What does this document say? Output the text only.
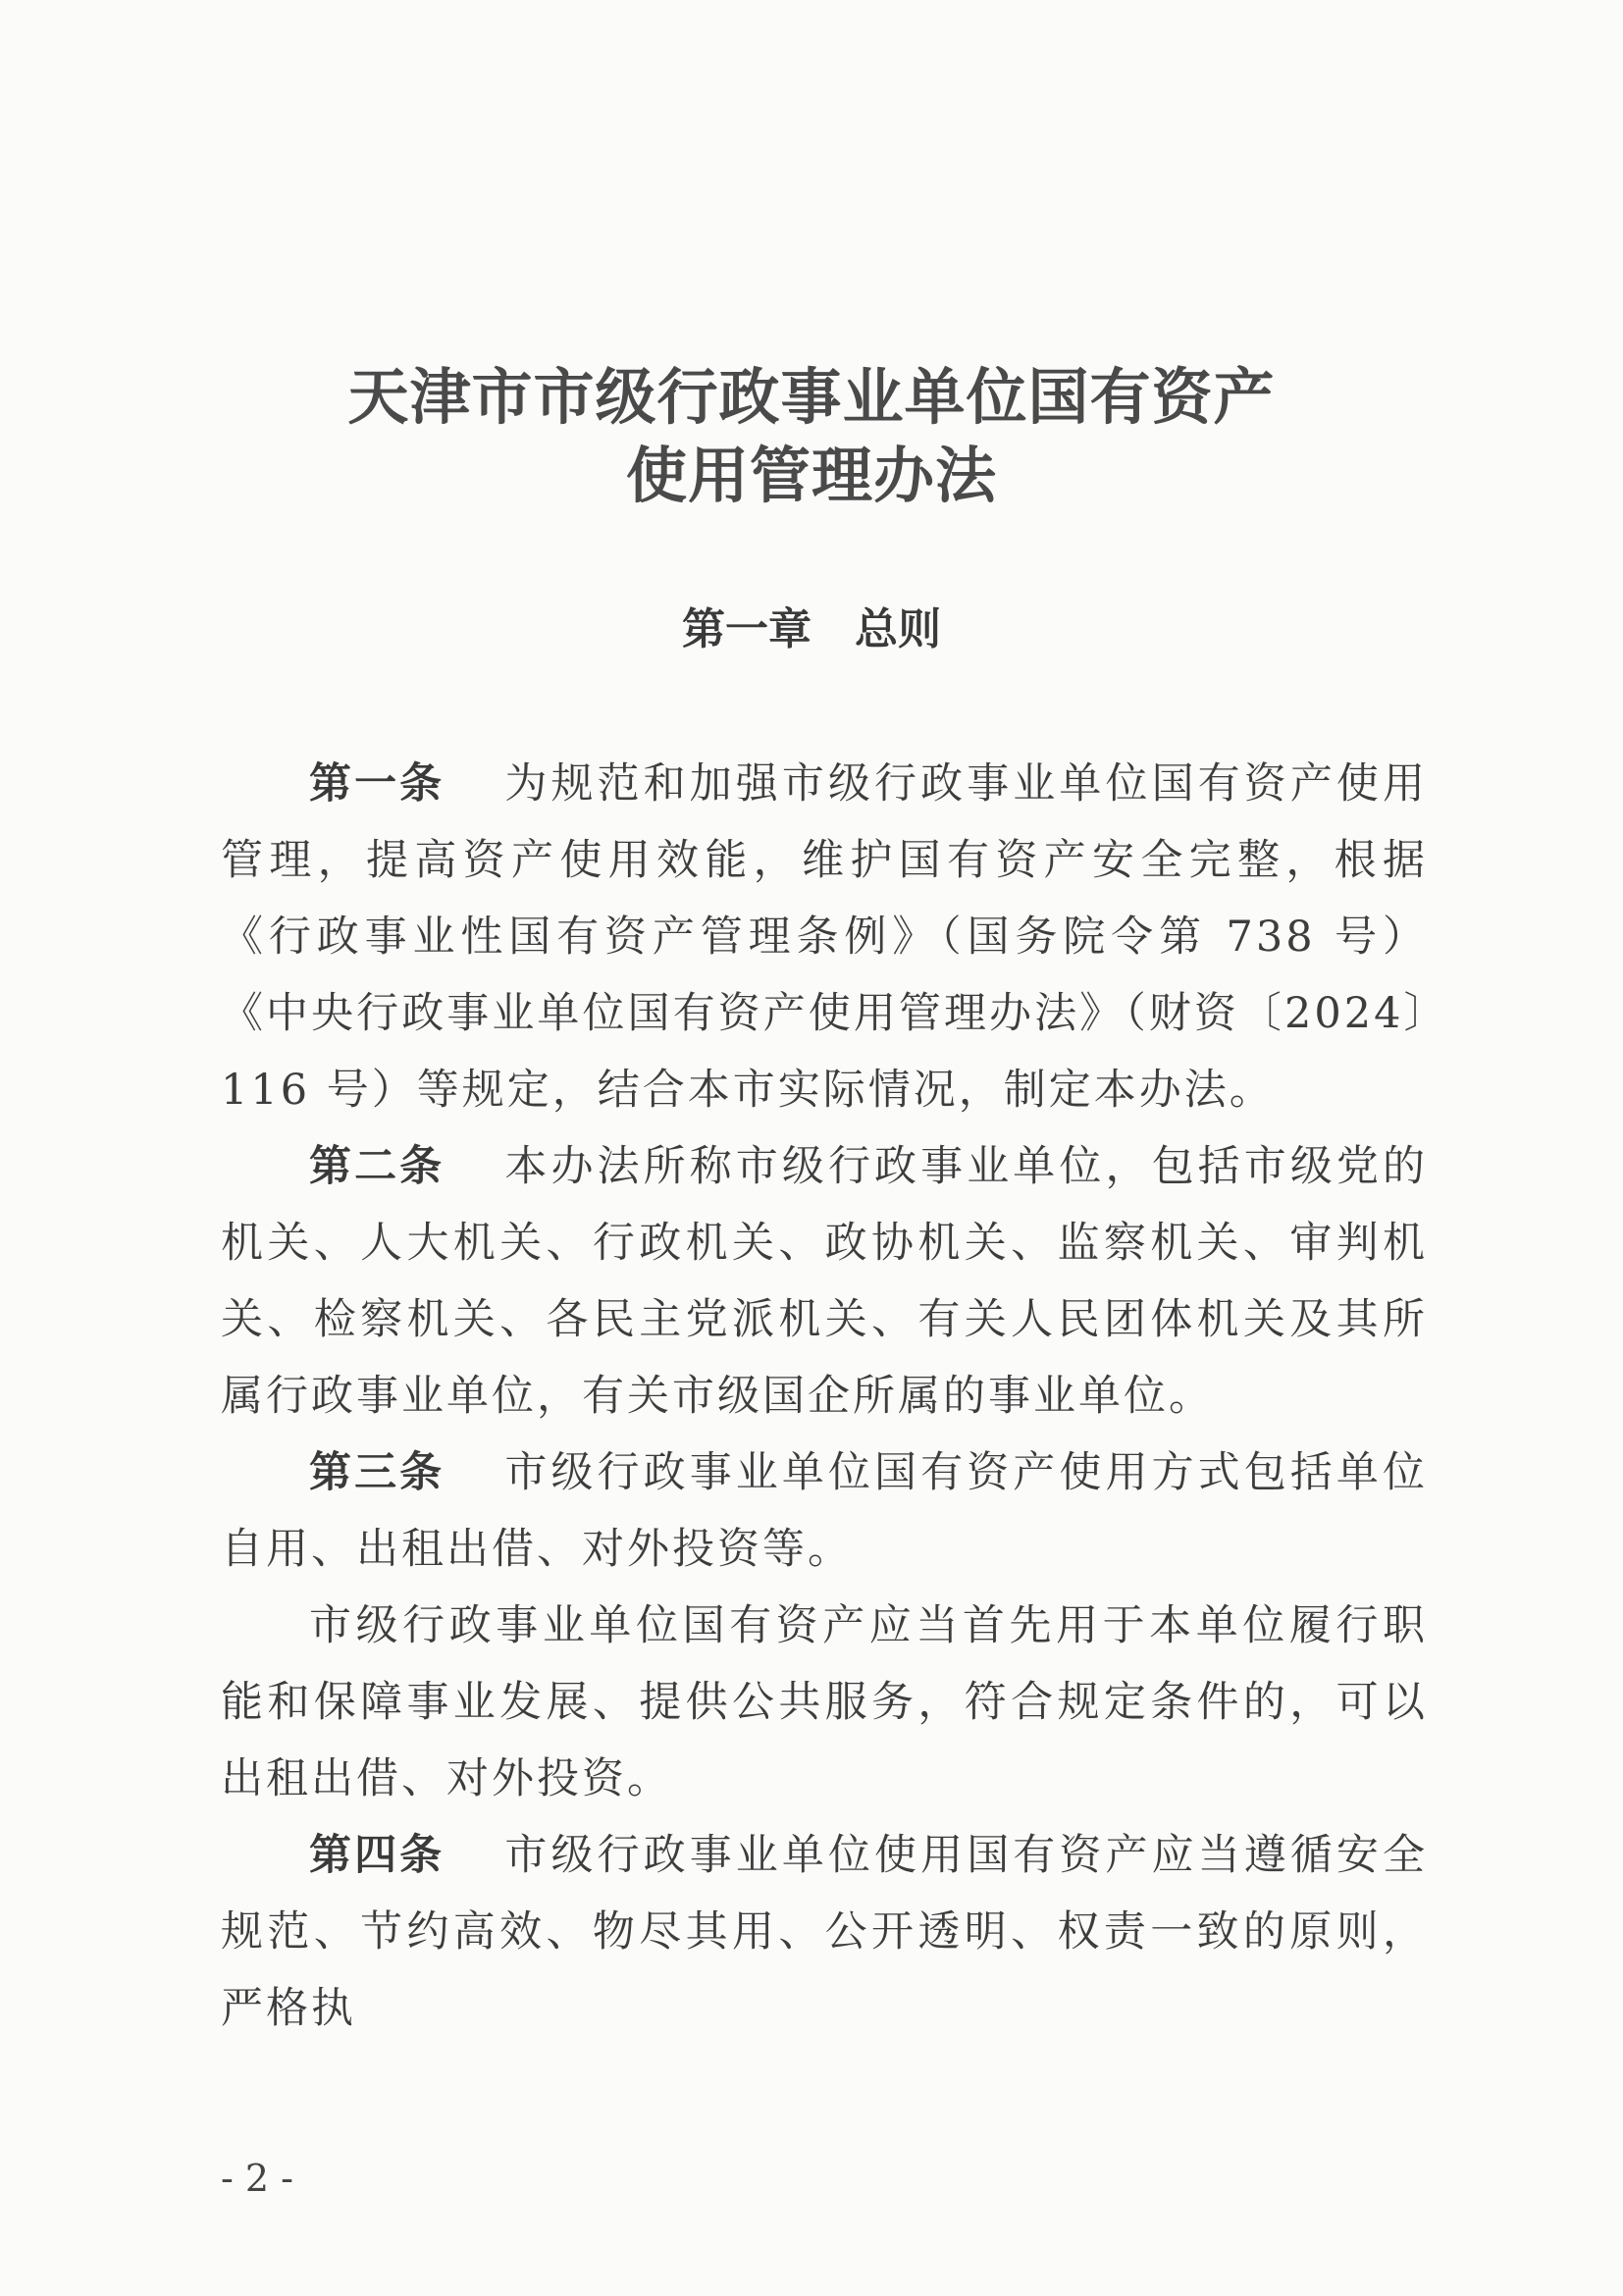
天津市市级行政事业单位国有资产
使用管理办法
第一章　总则

第一条 为规范和加强市级行政事业单位国有资产使用管理，提高资产使用效能，维护国有资产安全完整，根据《行政事业性国有资产管理条例》（国务院令第 738 号）《中央行政事业单位国有资产使用管理办法》（财资〔2024〕116 号）等规定，结合本市实际情况，制定本办法。

第二条 本办法所称市级行政事业单位，包括市级党的机关、人大机关、行政机关、政协机关、监察机关、审判机关、检察机关、各民主党派机关、有关人民团体机关及其所属行政事业单位，有关市级国企所属的事业单位。

第三条 市级行政事业单位国有资产使用方式包括单位自用、出租出借、对外投资等。

市级行政事业单位国有资产应当首先用于本单位履行职能和保障事业发展、提供公共服务，符合规定条件的，可以出租出借、对外投资。

第四条 市级行政事业单位使用国有资产应当遵循安全规范、节约高效、物尽其用、公开透明、权责一致的原则，严格执

- 2 -
